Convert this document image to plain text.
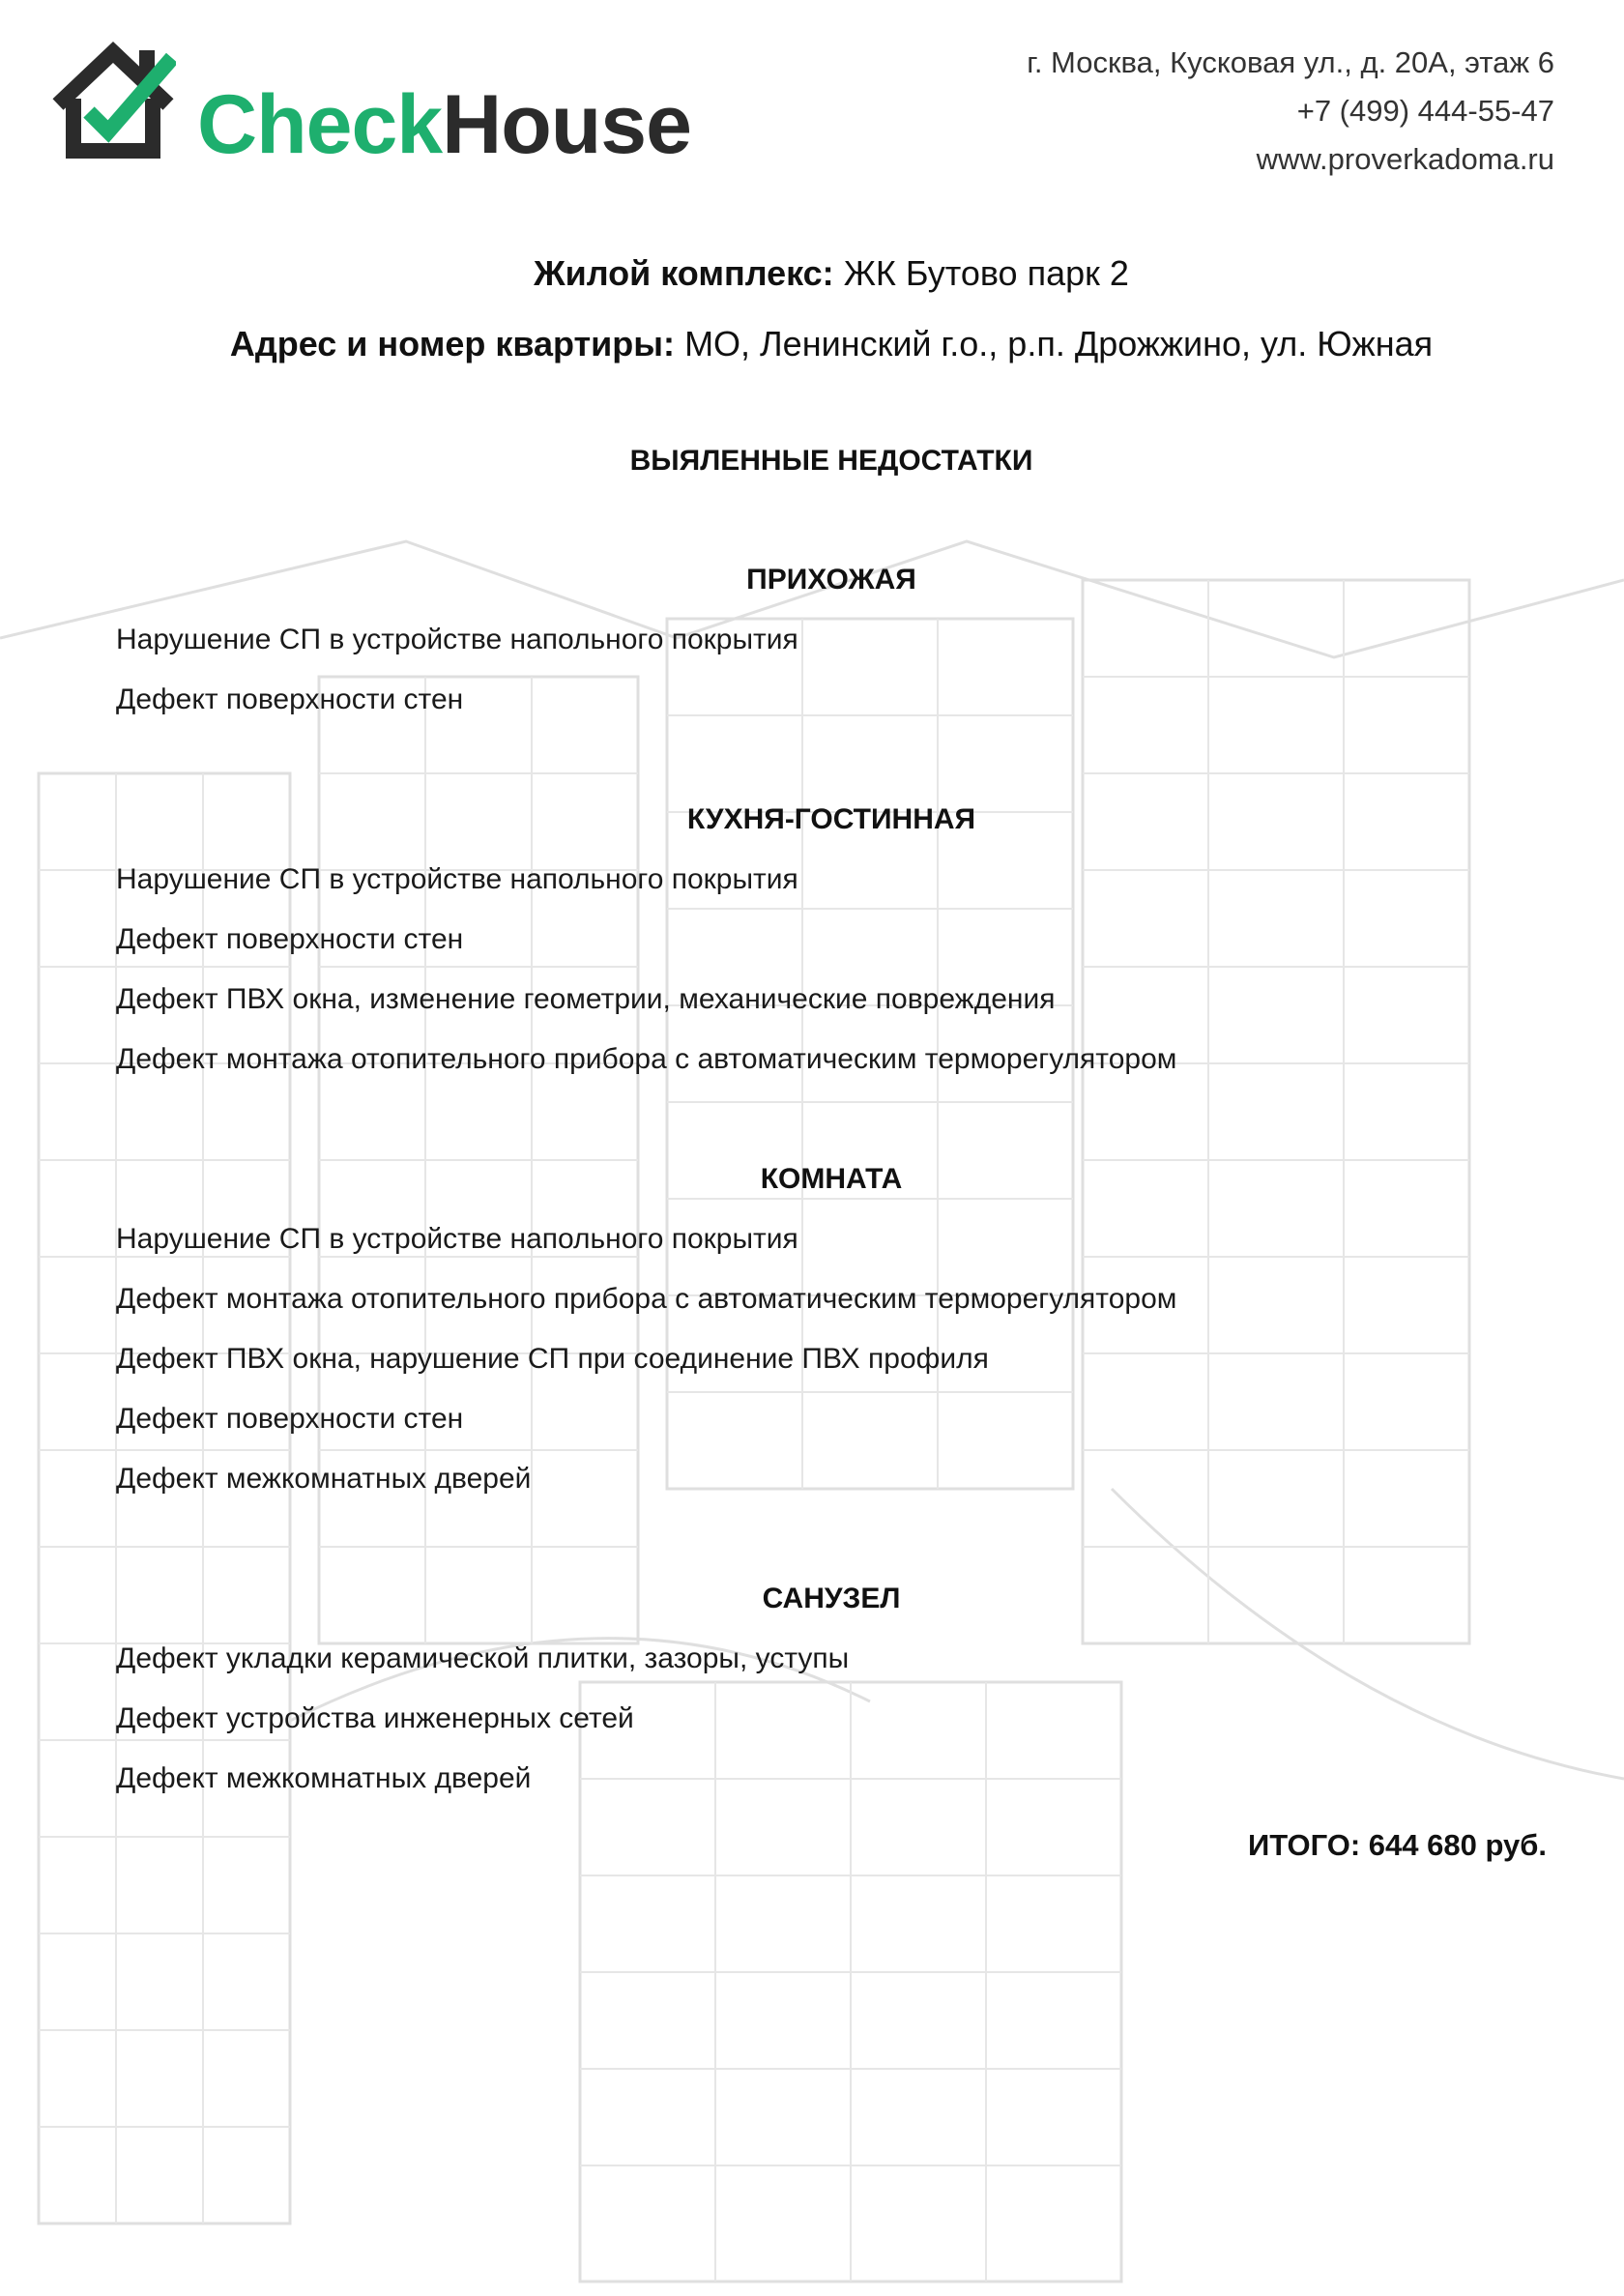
CheckHouse
г. Москва, Кусковая ул., д. 20А, этаж 6
+7 (499) 444-55-47
www.proverkadoma.ru
Жилой комплекс: ЖК Бутово парк 2
Адрес и номер квартиры: МО, Ленинский г.о., р.п. Дрожжино, ул. Южная
ВЫЯЛЕННЫЕ НЕДОСТАТКИ
ПРИХОЖАЯ
Нарушение СП в устройстве напольного покрытия
Дефект поверхности стен
КУХНЯ-ГОСТИННАЯ
Нарушение СП в устройстве напольного покрытия
Дефект поверхности стен
Дефект ПВХ окна, изменение геометрии, механические повреждения
Дефект монтажа отопительного прибора с автоматическим терморегулятором
КОМНАТА
Нарушение СП в устройстве напольного покрытия
Дефект монтажа отопительного прибора с автоматическим терморегулятором
Дефект ПВХ окна, нарушение СП при соединение ПВХ профиля
Дефект поверхности стен
Дефект межкомнатных дверей
САНУЗЕЛ
Дефект укладки керамической плитки, зазоры, уступы
Дефект устройства инженерных сетей
Дефект межкомнатных дверей
ИТОГО: 644 680 руб.
